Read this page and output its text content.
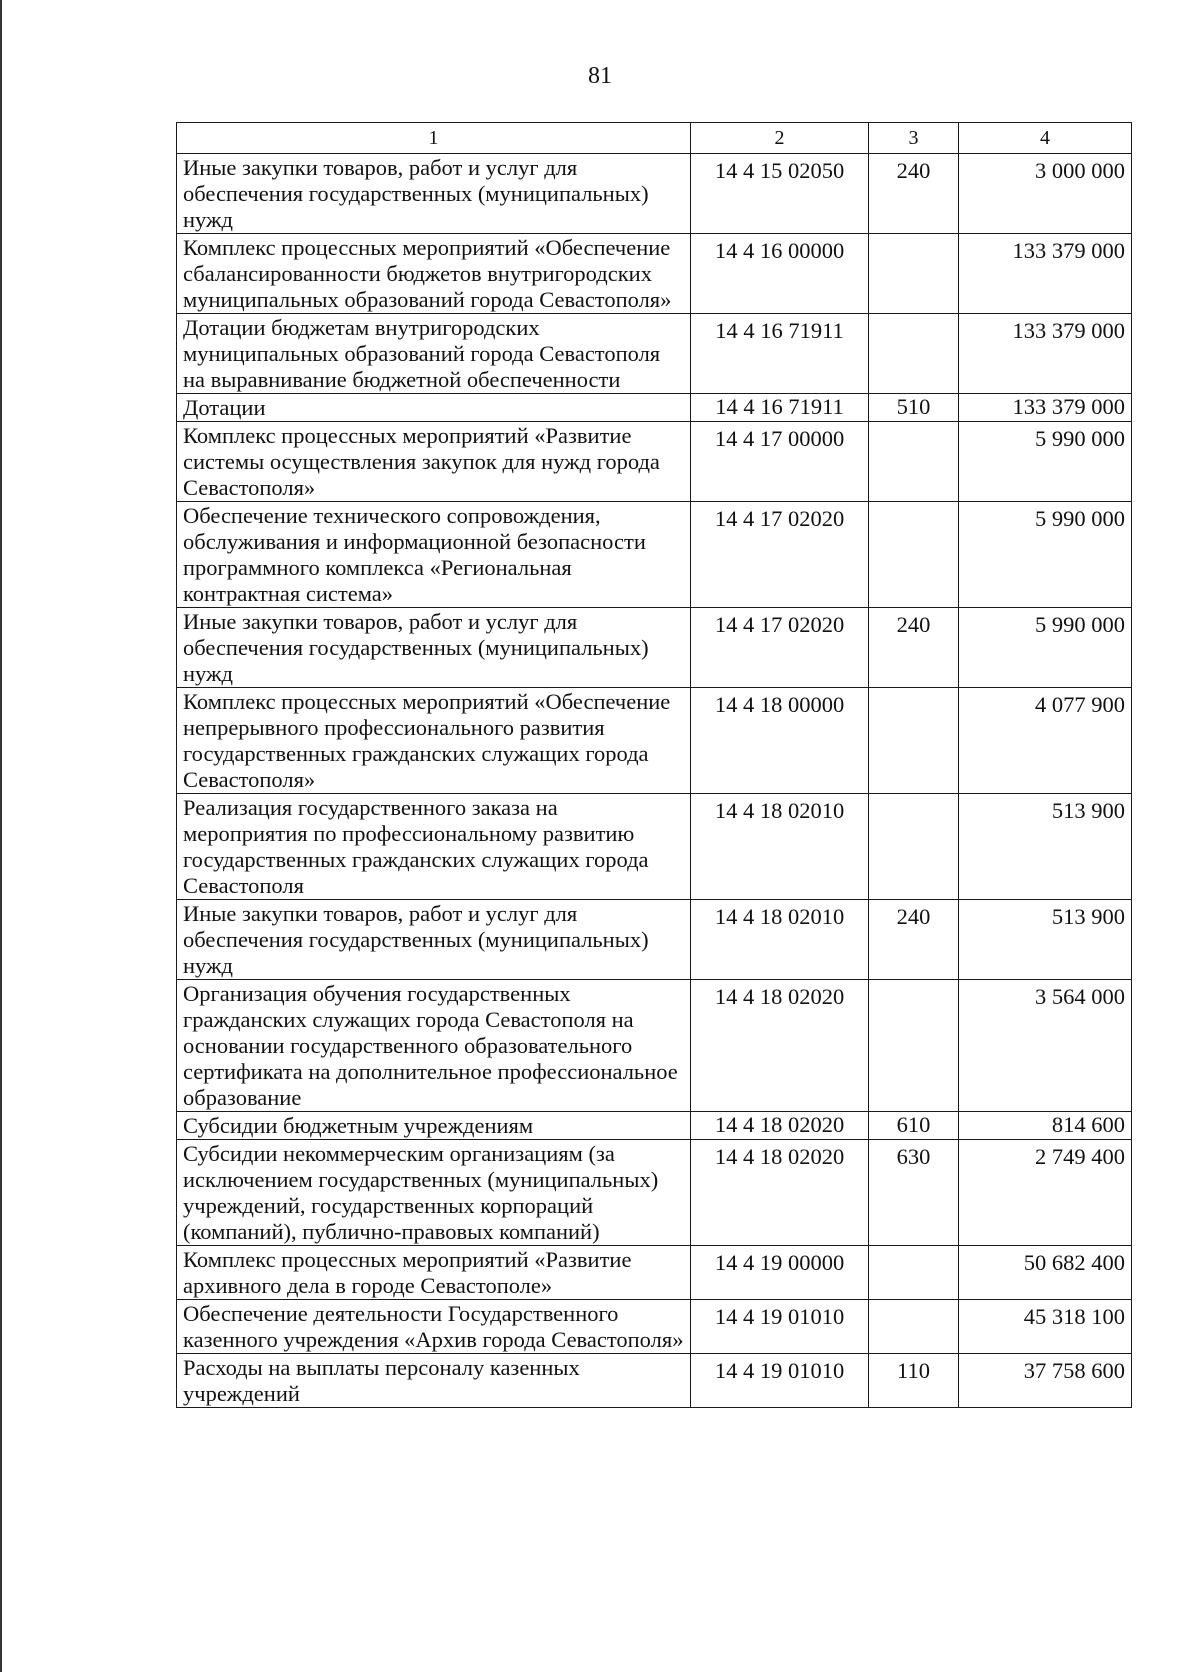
81
1	2	3	4
Иные закупки товаров, работ и услуг для обеспечения государственных (муниципальных) нужд	14 4 15 02050	240	3 000 000
Комплекс процессных мероприятий «Обеспечение сбалансированности бюджетов внутригородских муниципальных образований города Севастополя»	14 4 16 00000		133 379 000
Дотации бюджетам внутригородских муниципальных образований города Севастополя на выравнивание бюджетной обеспеченности	14 4 16 71911		133 379 000
Дотации	14 4 16 71911	510	133 379 000
Комплекс процессных мероприятий «Развитие системы осуществления закупок для нужд города Севастополя»	14 4 17 00000		5 990 000
Обеспечение технического сопровождения, обслуживания и информационной безопасности программного комплекса «Региональная контрактная система»	14 4 17 02020		5 990 000
Иные закупки товаров, работ и услуг для обеспечения государственных (муниципальных) нужд	14 4 17 02020	240	5 990 000
Комплекс процессных мероприятий «Обеспечение непрерывного профессионального развития государственных гражданских служащих города Севастополя»	14 4 18 00000		4 077 900
Реализация государственного заказа на мероприятия по профессиональному развитию государственных гражданских служащих города Севастополя	14 4 18 02010		513 900
Иные закупки товаров, работ и услуг для обеспечения государственных (муниципальных) нужд	14 4 18 02010	240	513 900
Организация обучения государственных гражданских служащих города Севастополя на основании государственного образовательного сертификата на дополнительное профессиональное образование	14 4 18 02020		3 564 000
Субсидии бюджетным учреждениям	14 4 18 02020	610	814 600
Субсидии некоммерческим организациям (за исключением государственных (муниципальных) учреждений, государственных корпораций (компаний), публично-правовых компаний)	14 4 18 02020	630	2 749 400
Комплекс процессных мероприятий «Развитие архивного дела в городе Севастополе»	14 4 19 00000		50 682 400
Обеспечение деятельности Государственного казенного учреждения «Архив города Севастополя»	14 4 19 01010		45 318 100
Расходы на выплаты персоналу казенных учреждений	14 4 19 01010	110	37 758 600
